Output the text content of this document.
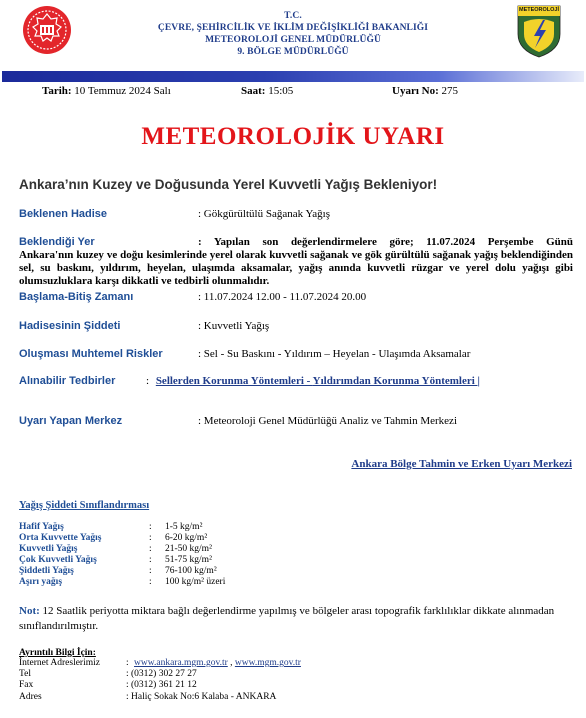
T.C.
ÇEVRE, ŞEHİRCİLİK VE İKLİM DEĞİŞİKLİĞİ BAKANLIĞI
METEOROLOJİ GENEL MÜDÜRLÜĞÜ
9. BÖLGE MÜDÜRLÜĞÜ
METEOROLOJİ
Tarih: 10 Temmuz 2024 Salı	Saat: 15:05	Uyarı No: 275
METEOROLOJİK UYARI
Ankara’nın Kuzey ve Doğusunda Yerel Kuvvetli Yağış Bekleniyor!
Beklenen Hadise	: Gökgürültülü Sağanak Yağış
Beklendiği Yer	: Yapılan son değerlendirmelere göre; 11.07.2024 Perşembe Günü
Ankara'nın kuzey ve doğu kesimlerinde yerel olarak kuvvetli sağanak ve gök gürültülü sağanak yağış beklendiğinden sel, su baskını, yıldırım, heyelan, ulaşımda aksamalar, yağış anında kuvvetli rüzgar ve yerel dolu yağışı gibi olumsuzluklara karşı dikkatli ve tedbirli olunmalıdır.
Başlama-Bitiş Zamanı	: 11.07.2024 12.00 - 11.07.2024 20.00
Hadisesinin Şiddeti	: Kuvvetli Yağış
Oluşması Muhtemel Riskler	: Sel - Su Baskını - Yıldırım – Heyelan - Ulaşımda Aksamalar
Alınabilir Tedbirler	: Sellerden Korunma Yöntemleri - Yıldırımdan Korunma Yöntemleri |
Uyarı Yapan Merkez	: Meteoroloji Genel Müdürlüğü Analiz ve Tahmin Merkezi
Ankara Bölge Tahmin ve Erken Uyarı Merkezi
Yağış Şiddeti Sınıflandırması
Hafif Yağış	: 1-5 kg/m²
Orta Kuvvette Yağış	: 6-20 kg/m²
Kuvvetli Yağış	: 21-50 kg/m²
Çok Kuvvetli Yağış	: 51-75 kg/m²
Şiddetli Yağış	: 76-100 kg/m²
Aşırı yağış	: 100 kg/m² üzeri
Not: 12 Saatlik periyotta miktara bağlı değerlendirme yapılmış ve bölgeler arası topografik farklılıklar dikkate alınmadan sınıflandırılmıştır.
Ayrıntılı Bilgi İçin:
İnternet Adreslerimiz	: www.ankara.mgm.gov.tr , www.mgm.gov.tr
Tel	: (0312) 302 27 27
Fax	: (0312) 361 21 12
Adres	: Haliç Sokak No:6 Kalaba - ANKARA
